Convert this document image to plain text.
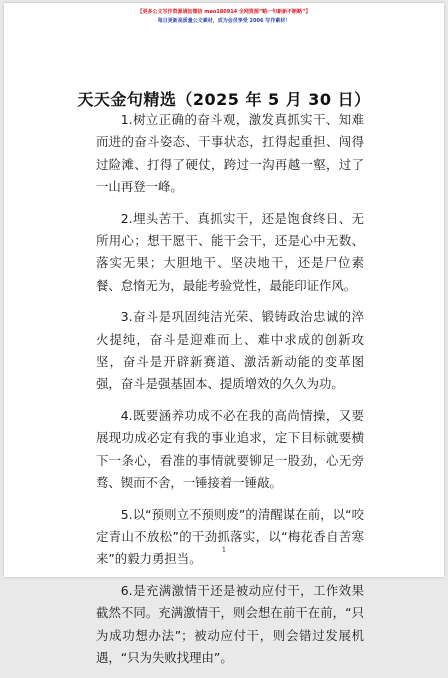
【更多公文写作资源请加微信 mao180914 全网资源“略一句新新不断略”】
每日更新高质量公文素材，成为会员享受 2006 写作素材！
天天金句精选（2025 年 5 月 30 日）

1.树立正确的奋斗观，激发真抓实干、知难而进的奋斗姿态、干事状态，扛得起重担、闯得过险滩、打得了硬仗，跨过一沟再越一壑，过了一山再登一峰。

2.埋头苦干、真抓实干，还是饱食终日、无所用心；想干愿干、能干会干，还是心中无数、落实无果；大胆地干、坚决地干，还是尸位素餐、怠惰无为，最能考验党性，最能印证作风。

3.奋斗是巩固纯洁光荣、锻铸政治忠诚的淬火提纯，奋斗是迎难而上、难中求成的创新攻坚，奋斗是开辟新赛道、激活新动能的变革图强，奋斗是强基固本、提质增效的久久为功。

4.既要涵养功成不必在我的高尚情操，又要展现功成必定有我的事业追求，定下目标就要横下一条心，看准的事情就要铆足一股劲，心无旁骛、锲而不舍，一锤接着一锤敲。

5.以“预则立不预则废”的清醒谋在前，以“咬定青山不放松”的干劲抓落实，以“梅花香自苦寒来”的毅力勇担当。

6.是充满激情干还是被动应付干，工作效果截然不同。充满激情干，则会想在前干在前，“只为成功想办法”；被动应付干，则会错过发展机遇，“只为失败找理由”。

1
